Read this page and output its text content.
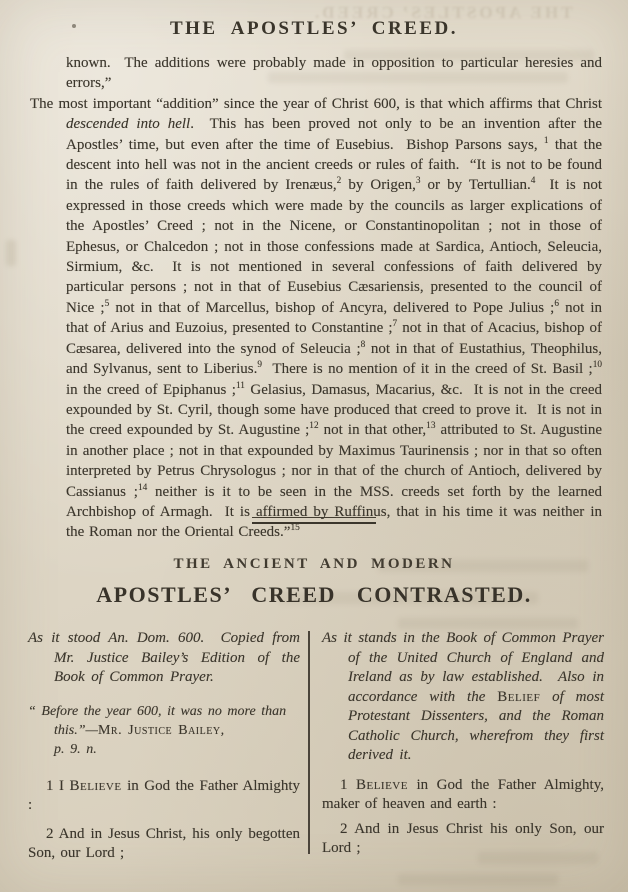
THE APOSTLES’ CREED.
THE APOSTLES’ CREED.

known.  The additions were probably made in opposition to particular heresies and errors,”

The most important “addition” since the year of Christ 600, is that which affirms that Christ descended into hell.  This has been proved not only to be an invention after the Apostles’ time, but even after the time of Eusebius.  Bishop Parsons says, $^1$ that the descent into hell was not in the ancient creeds or rules of faith.  “It is not to be found in the rules of faith delivered by Irenæus,$^2$ by Origen,$^3$ or by Tertullian.$^4$  It is not expressed in those creeds which were made by the councils as larger explications of the Apostles’ Creed ; not in the Nicene, or Constantinopolitan ; not in those of Ephesus, or Chalcedon ; not in those confessions made at Sardica, Antioch, Seleucia, Sirmium, &c.  It is not mentioned in several confessions of faith delivered by particular persons ; not in that of Eusebius Cæsariensis, presented to the council of Nice ;$^5$ not in that of Marcellus, bishop of Ancyra, delivered to Pope Julius ;$^6$ not in that of Arius and Euzoius, presented to Constantine ;$^7$ not in that of Acacius, bishop of Cæsarea, delivered into the synod of Seleucia ;$^8$ not in that of Eustathius, Theophilus, and Sylvanus, sent to Liberius.$^9$  There is no mention of it in the creed of St. Basil ;$^{10}$ in the creed of Epiphanus ;$^{11}$ Gelasius, Damasus, Macarius, &c.  It is not in the creed expounded by St. Cyril, though some have produced that creed to prove it.  It is not in the creed expounded by St. Augustine ;$^{12}$ not in that other,$^{13}$ attributed to St. Augustine in another place ; not in that expounded by Maximus Taurinensis ; nor in that so often interpreted by Petrus Chrysologus ; nor in that of the church of Antioch, delivered by Cassianus ;$^{14}$ neither is it to be seen in the MSS. creeds set forth by the learned Archbishop of Armagh.  It is affirmed by Ruffinus, that in his time it was neither in the Roman nor the Oriental Creeds.”$^{15}$

THE ANCIENT AND MODERN
APOSTLES’ CREED CONTRASTED.

As it stood An. Dom. 600.  Copied from Mr. Justice Bailey’s Edition of the Book of Common Prayer.

“ Before the year 600, it was no more than this.”—Mr. Justice Bailey,
p. 9. n.

1 I Believe in God the Father Almighty :

2 And in Jesus Christ, his only begotten Son, our Lord ;

As it stands in the Book of Common Prayer of the United Church of England and Ireland as by law established.  Also in accordance with the Belief of most Protestant Dissenters, and the Roman Catholic Church, wherefrom they first derived it.

1 Believe in God the Father Almighty, maker of heaven and earth :

2 And in Jesus Christ his only Son, our Lord ;
